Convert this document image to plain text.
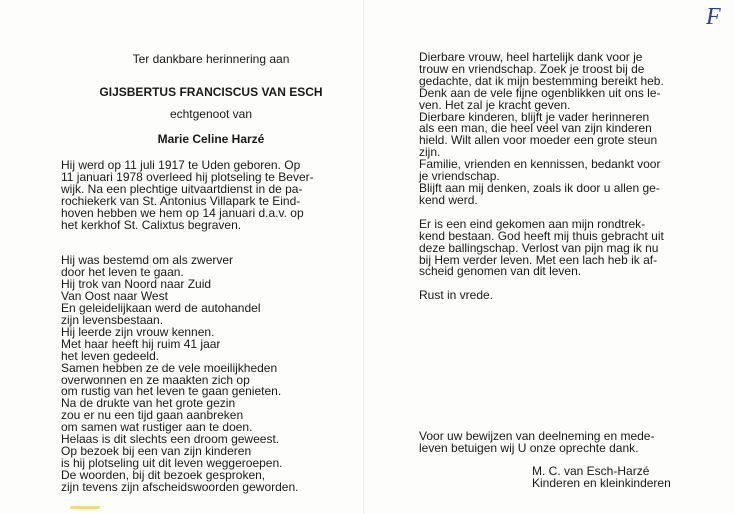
F
Ter dankbare herinnering aan
GIJSBERTUS FRANCISCUS VAN ESCH
echtgenoot van
Marie Celine Harzé
Hij werd op 11 juli 1917 te Uden geboren. Op
11 januari 1978 overleed hij plotseling te Bever-
wijk. Na een plechtige uitvaartdienst in de pa-
rochiekerk van St. Antonius Villapark te Eind-
hoven hebben we hem op 14 januari d.a.v. op
het kerkhof St. Calixtus begraven.
Hij was bestemd om als zwerver
door het leven te gaan.
Hij trok van Noord naar Zuid
Van Oost naar West
En geleidelijkaan werd de autohandel
zijn levensbestaan.
Hij leerde zijn vrouw kennen.
Met haar heeft hij ruim 41 jaar
het leven gedeeld.
Samen hebben ze de vele moeilijkheden
overwonnen en ze maakten zich op
om rustig van het leven te gaan genieten.
Na de drukte van het grote gezin
zou er nu een tijd gaan aanbreken
om samen wat rustiger aan te doen.
Helaas is dit slechts een droom geweest.
Op bezoek bij een van zijn kinderen
is hij plotseling uit dit leven weggeroepen.
De woorden, bij dit bezoek gesproken,
zijn tevens zijn afscheidswoorden geworden.
Dierbare vrouw, heel hartelijk dank voor je
trouw en vriendschap. Zoek je troost bij de
gedachte, dat ik mijn bestemming bereikt heb.
Denk aan de vele fijne ogenblikken uit ons le-
ven. Het zal je kracht geven.
Dierbare kinderen, blijft je vader herinneren
als een man, die heel veel van zijn kinderen
hield. Wilt allen voor moeder een grote steun
zijn.
Familie, vrienden en kennissen, bedankt voor
je vriendschap.
Blijft aan mij denken, zoals ik door u allen ge-
kend werd.
Er is een eind gekomen aan mijn rondtrek-
kend bestaan. God heeft mij thuis gebracht uit
deze ballingschap. Verlost van pijn mag ik nu
bij Hem verder leven. Met een lach heb ik af-
scheid genomen van dit leven.
Rust in vrede.
Voor uw bewijzen van deelneming en mede-
leven betuigen wij U onze oprechte dank.
M. C. van Esch-Harzé
Kinderen en kleinkinderen
